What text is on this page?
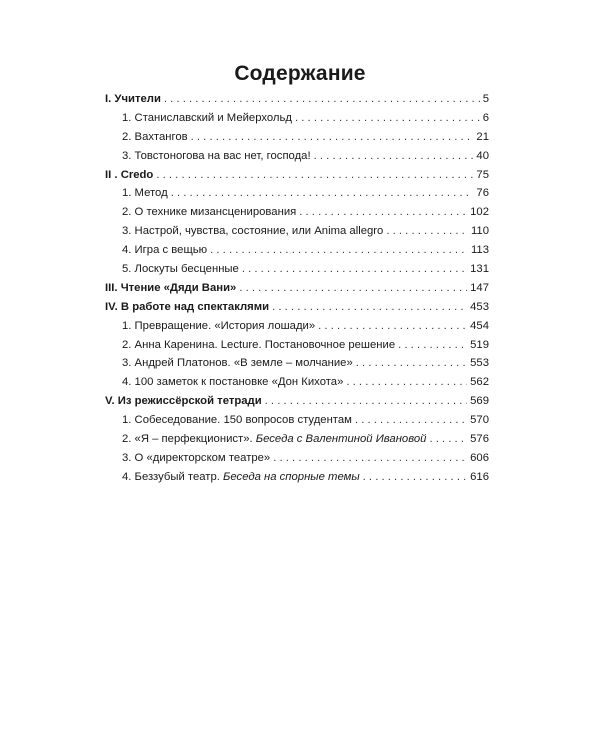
Содержание
I. Учители . . .	5
1. Станиславский и Мейерхольд . . .	6
2. Вахтангов . . .	21
3. Товстоногова на вас нет, господа! . . .	40
II . Credo . . .	75
1. Метод . . .	76
2. О технике мизансценирования . . .	102
3. Настрой, чувства, состояние, или Anima allegro . . .	110
4. Игра с вещью . . .	113
5. Лоскуты бесценные . . .	131
III. Чтение «Дяди Вани» . . .	147
IV. В работе над спектаклями . . .	453
1. Превращение. «История лошади» . . .	454
2. Анна Каренина. Lecture. Постановочное решение . . .	519
3. Андрей Платонов. «В земле – молчание» . . .	553
4. 100 заметок к постановке «Дон Кихота» . . .	562
V. Из режиссёрской тетради . . .	569
1. Собеседование. 150 вопросов студентам . . .	570
2. «Я – перфекционист». Беседа с Валентиной Ивановой . . .	576
3. О «директорском театре» . . .	606
4. Беззубый театр. Беседа на спорные темы . . .	616
